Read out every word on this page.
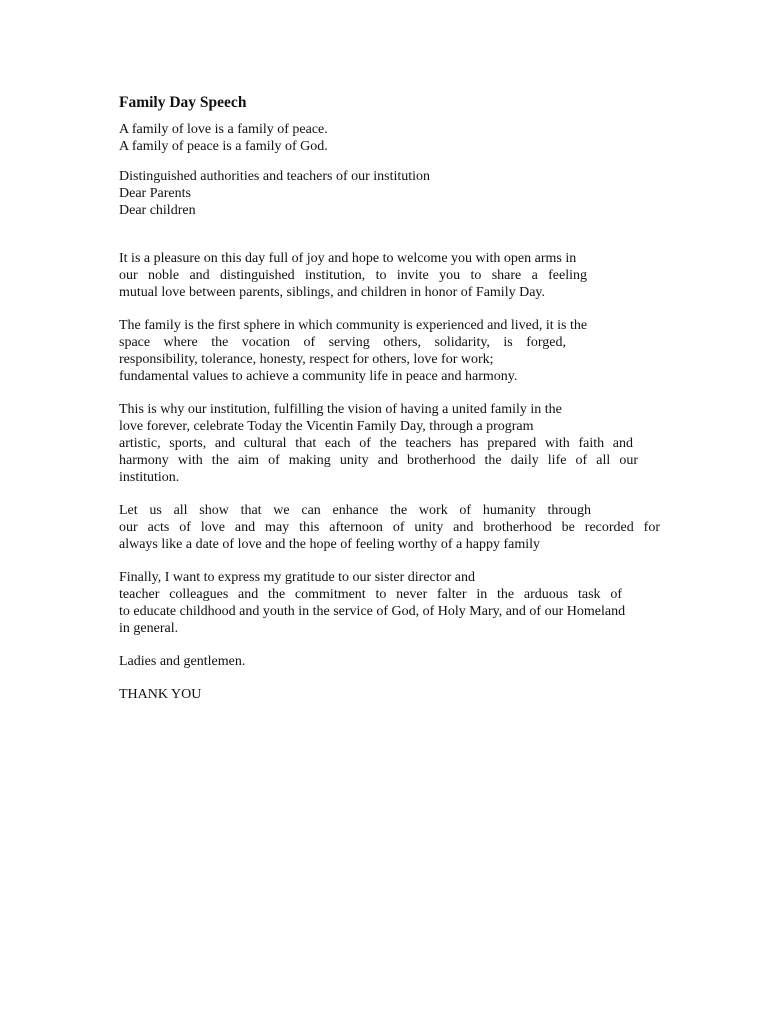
Family Day Speech
A family of love is a family of peace.
A family of peace is a family of God.
Distinguished authorities and teachers of our institution
Dear Parents
Dear children
It is a pleasure on this day full of joy and hope to welcome you with open arms in
our noble and distinguished institution, to invite you to share a feeling
mutual love between parents, siblings, and children in honor of Family Day.
The family is the first sphere in which community is experienced and lived, it is the
space where the vocation of serving others, solidarity, is forged,
responsibility, tolerance, honesty, respect for others, love for work;
fundamental values to achieve a community life in peace and harmony.
This is why our institution, fulfilling the vision of having a united family in the
love forever, celebrate Today the Vicentin Family Day, through a program
artistic, sports, and cultural that each of the teachers has prepared with faith and
harmony with the aim of making unity and brotherhood the daily life of all our
institution.
Let us all show that we can enhance the work of humanity through
our acts of love and may this afternoon of unity and brotherhood be recorded for
always like a date of love and the hope of feeling worthy of a happy family
Finally, I want to express my gratitude to our sister director and
teacher colleagues and the commitment to never falter in the arduous task of
to educate childhood and youth in the service of God, of Holy Mary, and of our Homeland
in general.
Ladies and gentlemen.
THANK YOU
